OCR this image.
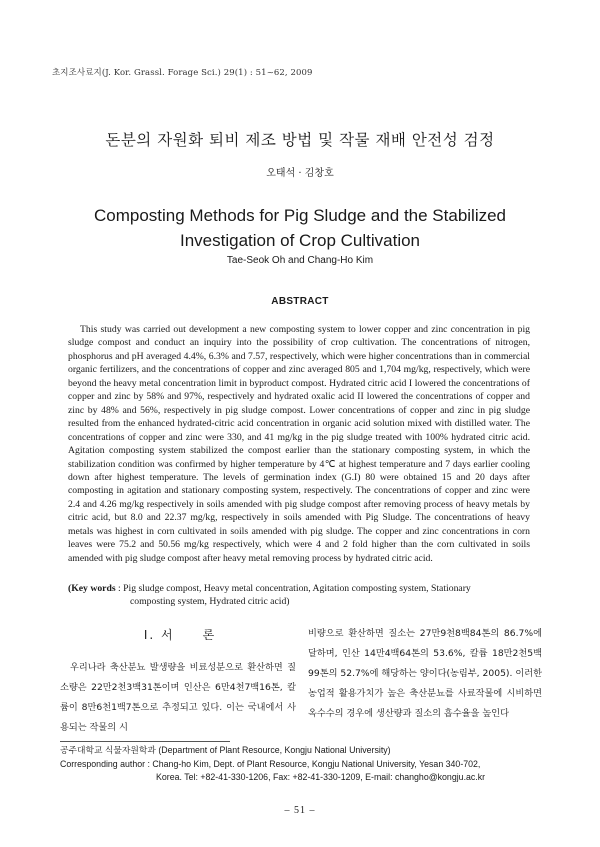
초지조사료지(J. Kor. Grassl. Forage Sci.) 29(1) : 51~62, 2009
돈분의 자원화 퇴비 제조 방법 및 작물 재배 안전성 검정
오태석 · 김창호
Composting Methods for Pig Sludge and the Stabilized
Investigation of Crop Cultivation
Tae-Seok Oh and Chang-Ho Kim
ABSTRACT

This study was carried out development a new composting system to lower copper and zinc concentration in pig sludge compost and conduct an inquiry into the possibility of crop cultivation. The concentrations of nitrogen, phosphorus and pH averaged 4.4%, 6.3% and 7.57, respectively, which were higher concentrations than in commercial organic fertilizers, and the concentrations of copper and zinc averaged 805 and 1,704 mg/kg, respectively, which were beyond the heavy metal concentration limit in byproduct compost. Hydrated citric acid I lowered the concentrations of copper and zinc by 58% and 97%, respectively and hydrated oxalic acid II lowered the concentrations of copper and zinc by 48% and 56%, respectively in pig sludge compost. Lower concentrations of copper and zinc in pig sludge resulted from the enhanced hydrated-citric acid concentration in organic acid solution mixed with distilled water. The concentrations of copper and zinc were 330, and 41 mg/kg in the pig sludge treated with 100% hydrated citric acid. Agitation composting system stabilized the compost earlier than the stationary composting system, in which the stabilization condition was confirmed by higher temperature by 4℃ at highest temperature and 7 days earlier cooling down after highest temperature. The levels of germination index (G.I) 80 were obtained 15 and 20 days after composting in agitation and stationary composting system, respectively. The concentrations of copper and zinc were 2.4 and 4.26 mg/kg respectively in soils amended with pig sludge compost after removing process of heavy metals by citric acid, but 8.0 and 22.37 mg/kg, respectively in soils amended with Pig Sludge. The concentrations of heavy metals was highest in corn cultivated in soils amended with pig sludge. The copper and zinc concentrations in corn leaves were 75.2 and 50.56 mg/kg respectively, which were 4 and 2 fold higher than the corn cultivated in soils amended with pig sludge compost after heavy metal removing process by hydrated citric acid.

(Key words : Pig sludge compost, Heavy metal concentration, Agitation composting system, Stationary
composting system, Hydrated citric acid)
Ⅰ. 서　　론

우리나라 축산분뇨 발생량을 비료성분으로 환산하면 질소량은 22만2천3백31톤이며 인산은 6만4천7백16톤, 칼륨이 8만6천1백7톤으로 추정되고 있다. 이는 국내에서 사용되는 작물의 시

비량으로 환산하면 질소는 27만9천8백84톤의 86.7%에 달하며, 인산 14만4백64톤의 53.6%, 칼륨 18만2천5백99톤의 52.7%에 해당하는 양이다(농림부, 2005). 이러한 농업적 활용가치가 높은 축산분뇨를 사료작물에 시비하면 옥수수의 경우에 생산량과 질소의 흡수율을 높인다

공주대학교 식물자원학과 (Department of Plant Resource, Kongju National University)
Corresponding author : Chang-ho Kim, Dept. of Plant Resource, Kongju National University, Yesan 340-702,
Korea. Tel: +82-41-330-1206, Fax: +82-41-330-1209, E-mail: changho@kongju.ac.kr
– 51 –
